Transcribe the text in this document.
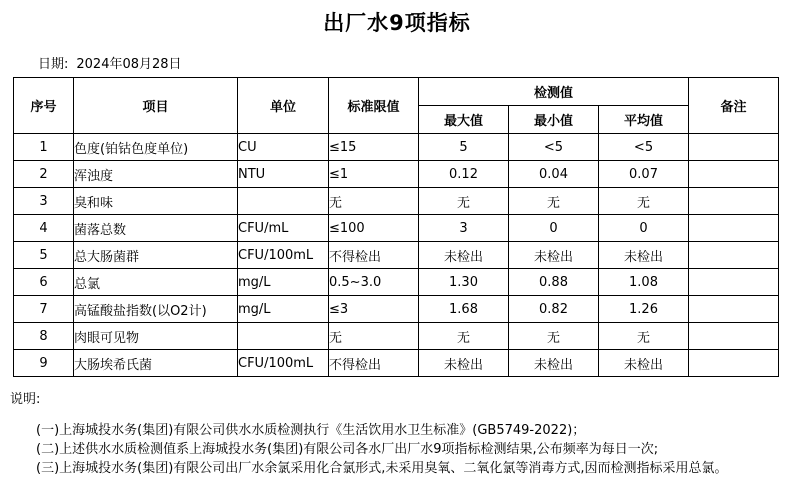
出厂水9项指标
日期: 2024年08月28日
序号	项目	单位	标准限值	检测值			备注
				最大值	最小值	平均值	
1	色度(铂钴色度单位)	CU	≤15	5	<5	<5	
2	浑浊度	NTU	≤1	0.12	0.04	0.07	
3	臭和味		无	无	无	无	
4	菌落总数	CFU/mL	≤100	3	0	0	
5	总大肠菌群	CFU/100mL	不得检出	未检出	未检出	未检出	
6	总氯	mg/L	0.5~3.0	1.30	0.88	1.08	
7	高锰酸盐指数(以O2计)	mg/L	≤3	1.68	0.82	1.26	
8	肉眼可见物		无	无	无	无	
9	大肠埃希氏菌	CFU/100mL	不得检出	未检出	未检出	未检出	
说明:
(一)上海城投水务(集团)有限公司供水水质检测执行《生活饮用水卫生标准》(GB5749-2022)；
(二)上述供水水质检测值系上海城投水务(集团)有限公司各水厂出厂水9项指标检测结果,公布频率为每日一次;
(三)上海城投水务(集团)有限公司出厂水余氯采用化合氯形式,未采用臭氧、二氧化氯等消毒方式,因而检测指标采用总氯。
